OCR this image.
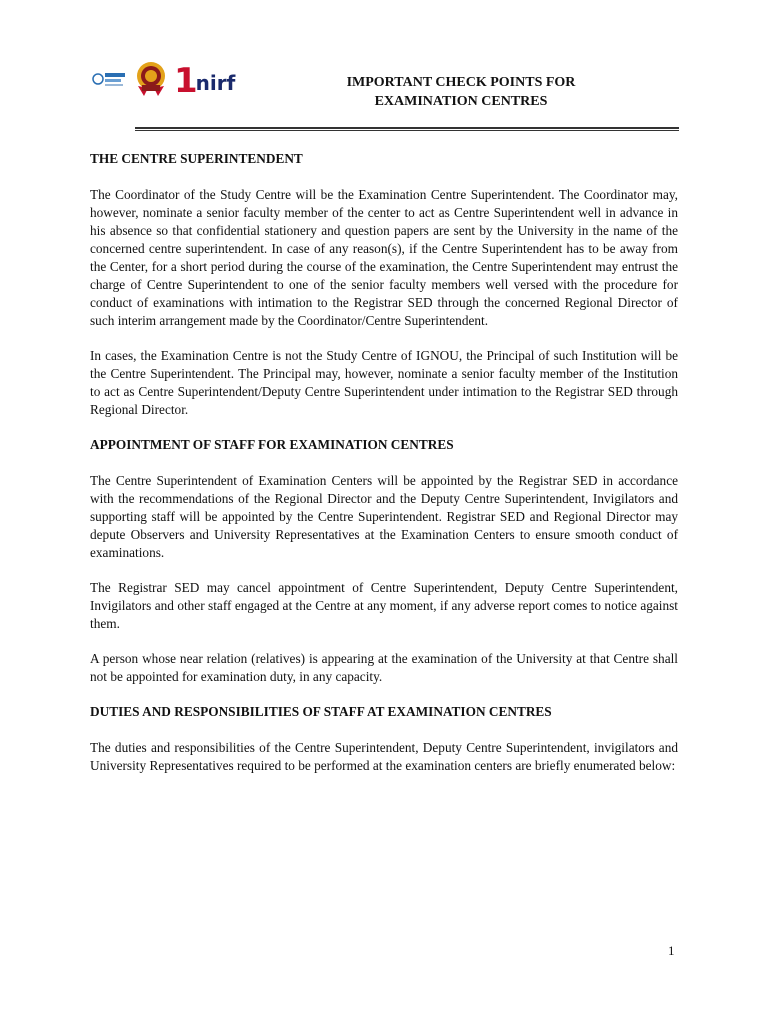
1 nirf	IMPORTANT CHECK POINTS FOR
EXAMINATION CENTRES
THE CENTRE SUPERINTENDENT

The Coordinator of the Study Centre will be the Examination Centre Superintendent. The Coordinator may, however, nominate a senior faculty member of the center to act as Centre Superintendent well in advance in his absence so that confidential stationery and question papers are sent by the University in the name of the concerned centre superintendent. In case of any reason(s), if the Centre Superintendent has to be away from the Center, for a short period during the course of the examination, the Centre Superintendent may entrust the charge of Centre Superintendent to one of the senior faculty members well versed with the procedure for conduct of examinations with intimation to the Registrar SED through the concerned Regional Director of such interim arrangement made by the Coordinator/Centre Superintendent.

In cases, the Examination Centre is not the Study Centre of IGNOU, the Principal of such Institution will be the Centre Superintendent. The Principal may, however, nominate a senior faculty member of the Institution to act as Centre Superintendent/Deputy Centre Superintendent under intimation to the Registrar SED through Regional Director.

APPOINTMENT OF STAFF FOR EXAMINATION CENTRES

The Centre Superintendent of Examination Centers will be appointed by the Registrar SED in accordance with the recommendations of the Regional Director and the Deputy Centre Superintendent, Invigilators and supporting staff will be appointed by the Centre Superintendent. Registrar SED and Regional Director may depute Observers and University Representatives at the Examination Centers to ensure smooth conduct of examinations.

The Registrar SED may cancel appointment of Centre Superintendent, Deputy Centre Superintendent, Invigilators and other staff engaged at the Centre at any moment, if any adverse report comes to notice against them.

A person whose near relation (relatives) is appearing at the examination of the University at that Centre shall not be appointed for examination duty, in any capacity.

DUTIES AND RESPONSIBILITIES OF STAFF AT EXAMINATION CENTRES

The duties and responsibilities of the Centre Superintendent, Deputy Centre Superintendent, invigilators and University Representatives required to be performed at the examination centers are briefly enumerated below:

1
